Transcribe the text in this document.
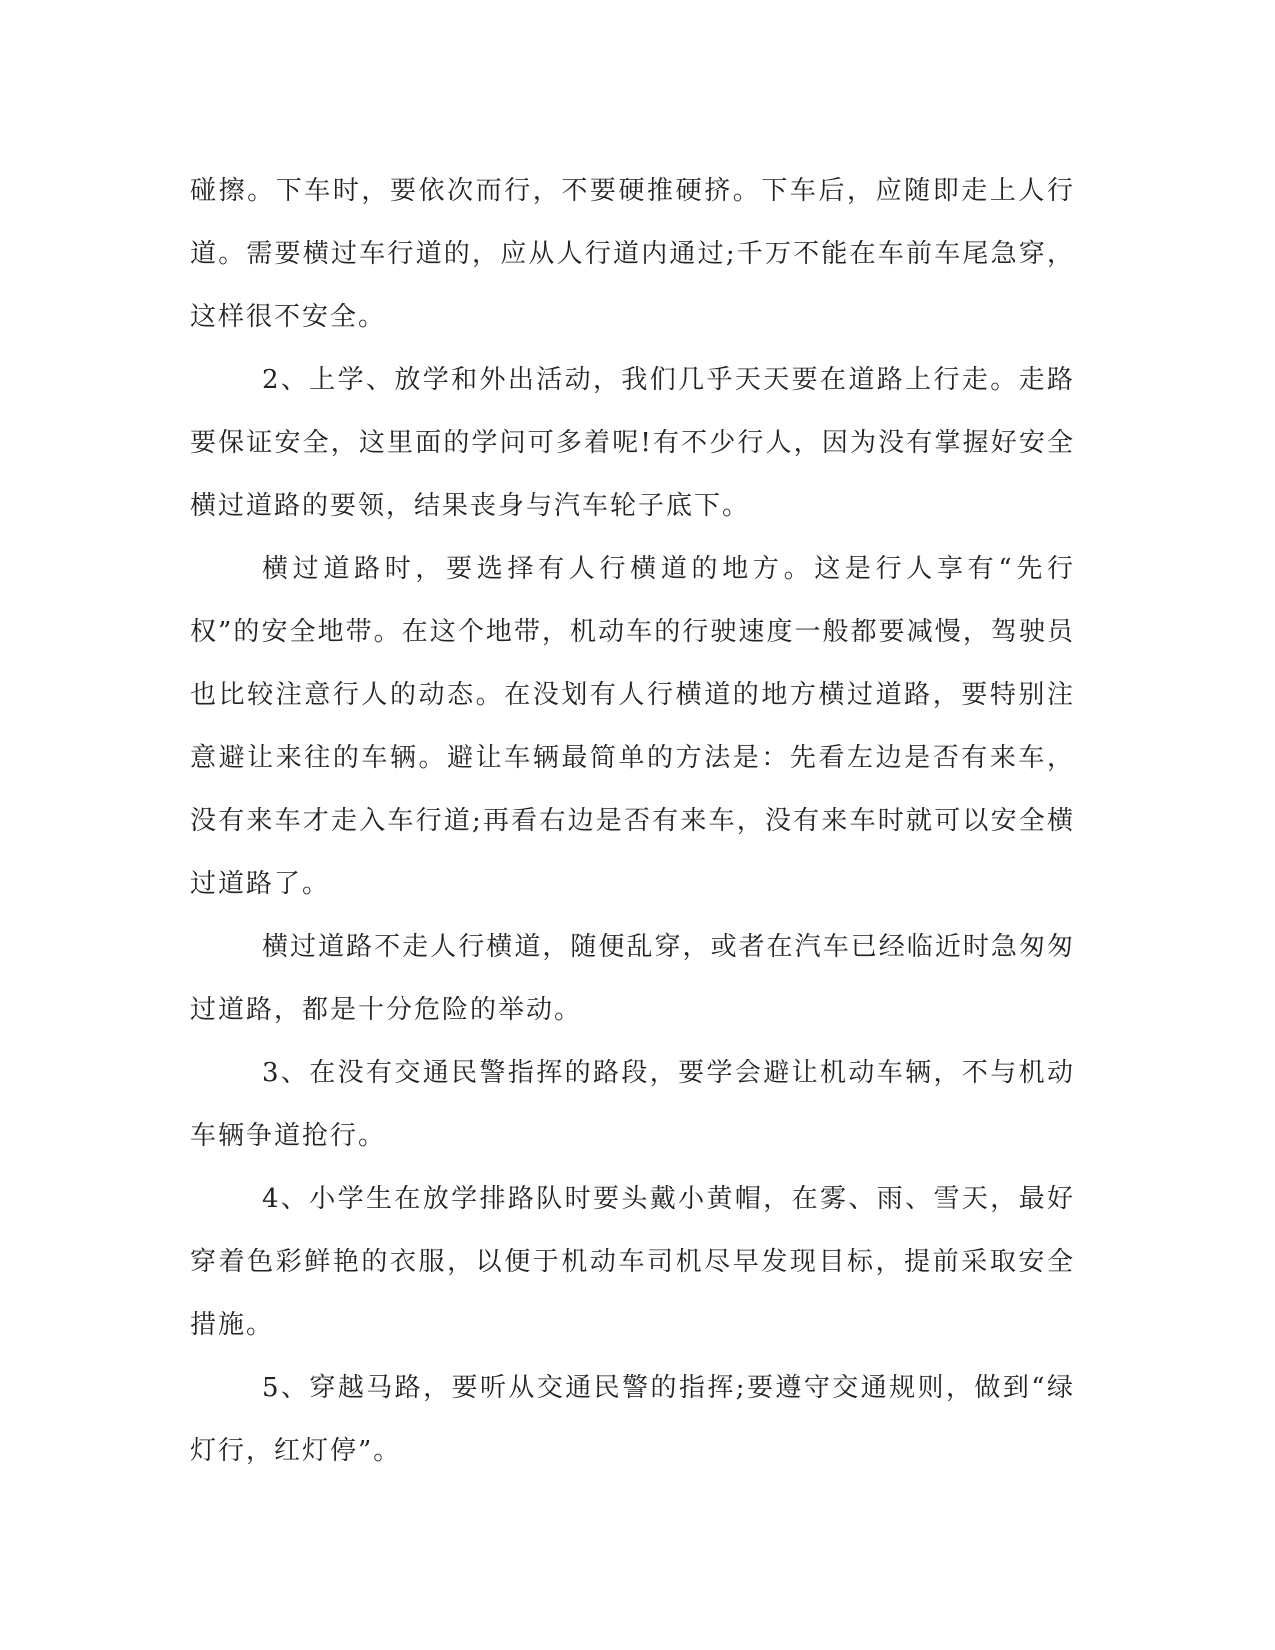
碰擦。下车时，要依次而行，不要硬推硬挤。下车后，应随即走上人行道。需要横过车行道的，应从人行道内通过;千万不能在车前车尾急穿，这样很不安全。

2、上学、放学和外出活动，我们几乎天天要在道路上行走。走路要保证安全，这里面的学问可多着呢!有不少行人，因为没有掌握好安全横过道路的要领，结果丧身与汽车轮子底下。

横过道路时，要选择有人行横道的地方。这是行人享有“先行权”的安全地带。在这个地带，机动车的行驶速度一般都要减慢，驾驶员也比较注意行人的动态。在没划有人行横道的地方横过道路，要特别注意避让来往的车辆。避让车辆最简单的方法是：先看左边是否有来车，没有来车才走入车行道;再看右边是否有来车，没有来车时就可以安全横过道路了。

横过道路不走人行横道，随便乱穿，或者在汽车已经临近时急匆匆过道路，都是十分危险的举动。

3、在没有交通民警指挥的路段，要学会避让机动车辆，不与机动车辆争道抢行。

4、小学生在放学排路队时要头戴小黄帽，在雾、雨、雪天，最好穿着色彩鲜艳的衣服，以便于机动车司机尽早发现目标，提前采取安全措施。

5、穿越马路，要听从交通民警的指挥;要遵守交通规则，做到“绿灯行，红灯停”。
